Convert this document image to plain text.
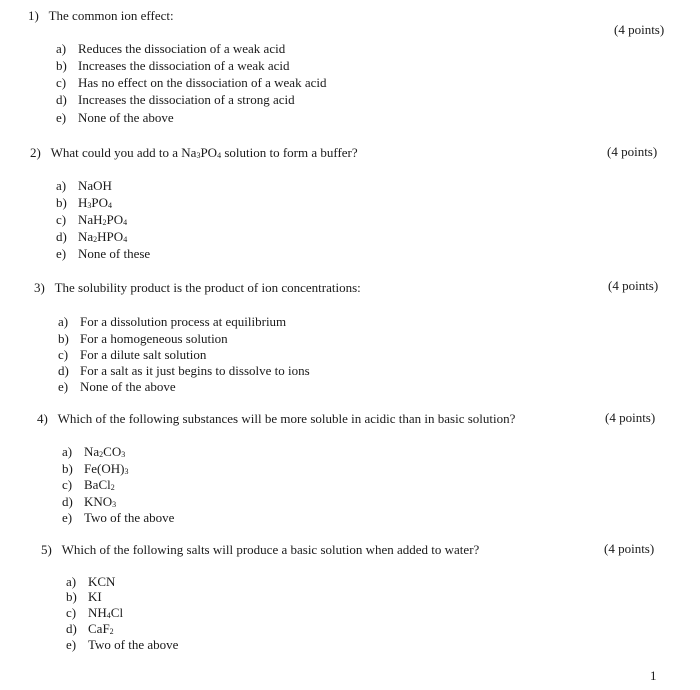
1) The common ion effect:
(4 points)
a) Reduces the dissociation of a weak acid
b) Increases the dissociation of a weak acid
c) Has no effect on the dissociation of a weak acid
d) Increases the dissociation of a strong acid
e) None of the above
2) What could you add to a $Na_3PO_4$ solution to form a buffer?	(4 points)
a) NaOH
b) $H_3PO_4$
c) $NaH_2PO_4$
d) $Na_2HPO_4$
e) None of these
3) The solubility product is the product of ion concentrations:	(4 points)
a) For a dissolution process at equilibrium
b) For a homogeneous solution
c) For a dilute salt solution
d) For a salt as it just begins to dissolve to ions
e) None of the above
4) Which of the following substances will be more soluble in acidic than in basic solution?	(4 points)
a) $Na_2CO_3$
b) $Fe(OH)_3$
c) BaCl$_2$
d) $KNO_3$
e) Two of the above
5) Which of the following salts will produce a basic solution when added to water?	(4 points)
a) KCN
b) KI
c) $NH_4Cl$
d) CaF$_2$
e) Two of the above
1
